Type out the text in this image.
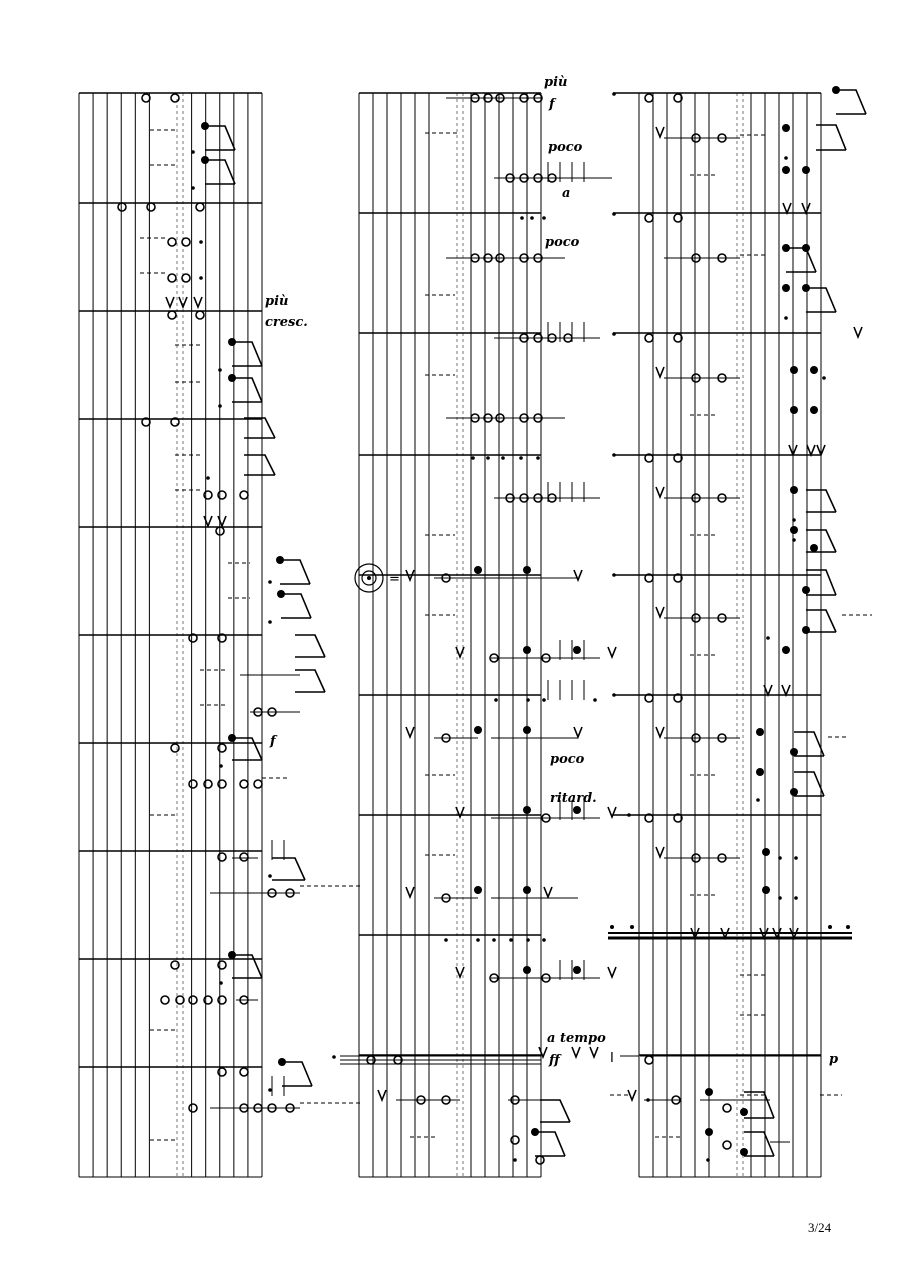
=
più
f
poco
a
poco
più
cresc.
f
poco
ritard.
a tempo
ff	p
I
3/24
